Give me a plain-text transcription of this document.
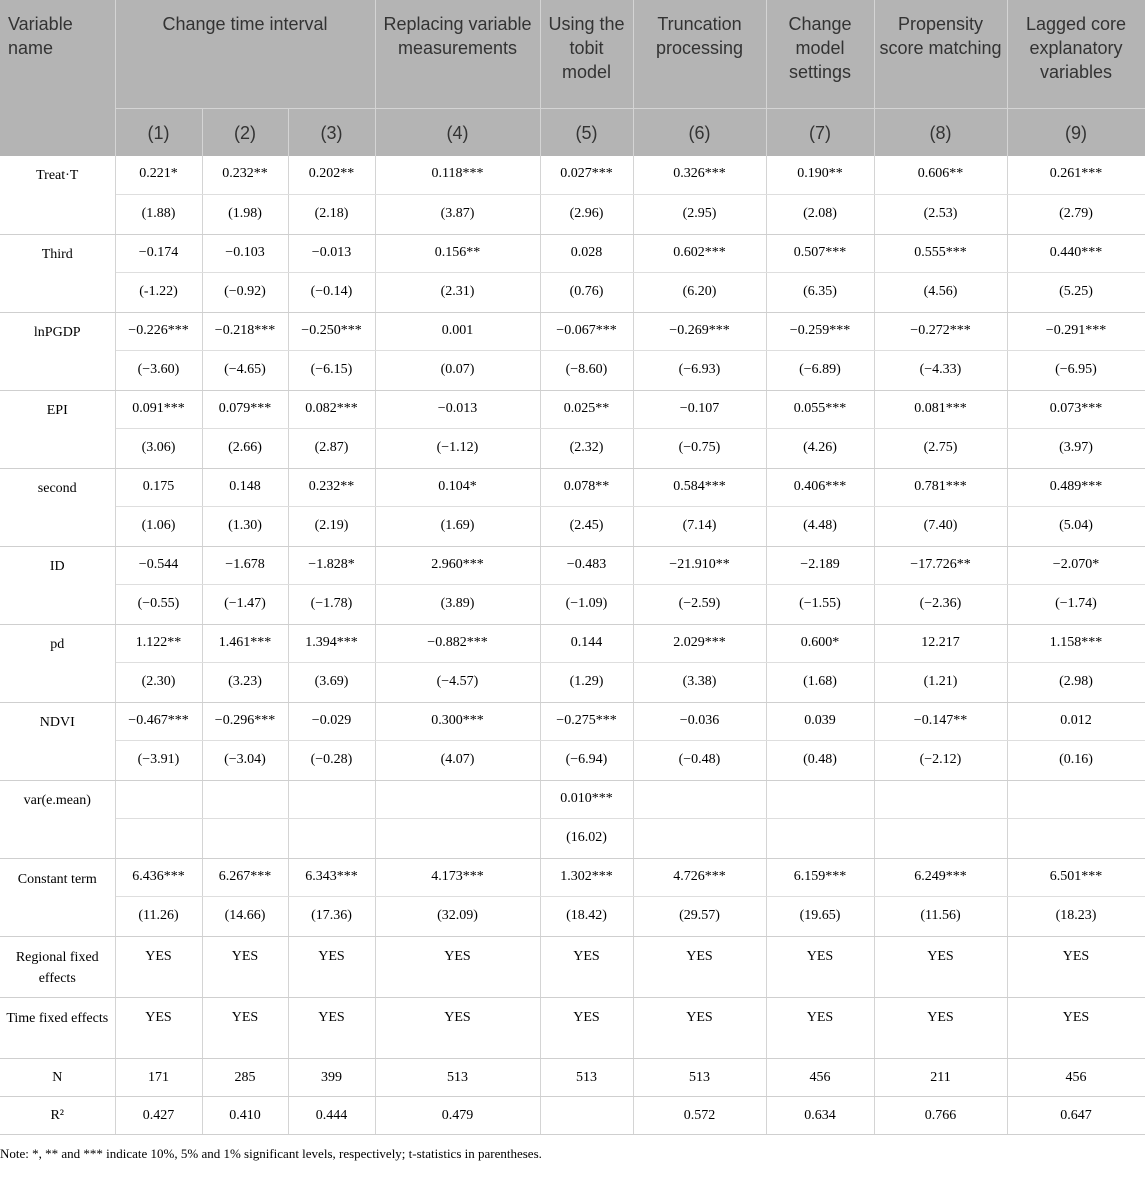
Variable name	Change time interval			Replacing variable measurements	Using the tobit model	Truncation processing	Change model settings	Propensity score matching	Lagged core explanatory variables
	(1)	(2)	(3)	(4)	(5)	(6)	(7)	(8)	(9)
Treat·T	0.221*	0.232**	0.202**	0.118***	0.027***	0.326***	0.190**	0.606**	0.261***
	(1.88)	(1.98)	(2.18)	(3.87)	(2.96)	(2.95)	(2.08)	(2.53)	(2.79)
Third	−0.174	−0.103	−0.013	0.156**	0.028	0.602***	0.507***	0.555***	0.440***
	(-1.22)	(−0.92)	(−0.14)	(2.31)	(0.76)	(6.20)	(6.35)	(4.56)	(5.25)
lnPGDP	−0.226***	−0.218***	−0.250***	0.001	−0.067***	−0.269***	−0.259***	−0.272***	−0.291***
	(−3.60)	(−4.65)	(−6.15)	(0.07)	(−8.60)	(−6.93)	(−6.89)	(−4.33)	(−6.95)
EPI	0.091***	0.079***	0.082***	−0.013	0.025**	−0.107	0.055***	0.081***	0.073***
	(3.06)	(2.66)	(2.87)	(−1.12)	(2.32)	(−0.75)	(4.26)	(2.75)	(3.97)
second	0.175	0.148	0.232**	0.104*	0.078**	0.584***	0.406***	0.781***	0.489***
	(1.06)	(1.30)	(2.19)	(1.69)	(2.45)	(7.14)	(4.48)	(7.40)	(5.04)
ID	−0.544	−1.678	−1.828*	2.960***	−0.483	−21.910**	−2.189	−17.726**	−2.070*
	(−0.55)	(−1.47)	(−1.78)	(3.89)	(−1.09)	(−2.59)	(−1.55)	(−2.36)	(−1.74)
pd	1.122**	1.461***	1.394***	−0.882***	0.144	2.029***	0.600*	12.217	1.158***
	(2.30)	(3.23)	(3.69)	(−4.57)	(1.29)	(3.38)	(1.68)	(1.21)	(2.98)
NDVI	−0.467***	−0.296***	−0.029	0.300***	−0.275***	−0.036	0.039	−0.147**	0.012
	(−3.91)	(−3.04)	(−0.28)	(4.07)	(−6.94)	(−0.48)	(0.48)	(−2.12)	(0.16)
var(e.mean)					0.010***				
					(16.02)				
Constant term	6.436***	6.267***	6.343***	4.173***	1.302***	4.726***	6.159***	6.249***	6.501***
	(11.26)	(14.66)	(17.36)	(32.09)	(18.42)	(29.57)	(19.65)	(11.56)	(18.23)
Regional fixed effects	YES	YES	YES	YES	YES	YES	YES	YES	YES
Time fixed effects	YES	YES	YES	YES	YES	YES	YES	YES	YES
N	171	285	399	513	513	513	456	211	456
R²	0.427	0.410	0.444	0.479		0.572	0.634	0.766	0.647
Note: *, ** and *** indicate 10%, 5% and 1% significant levels, respectively; t-statistics in parentheses.
